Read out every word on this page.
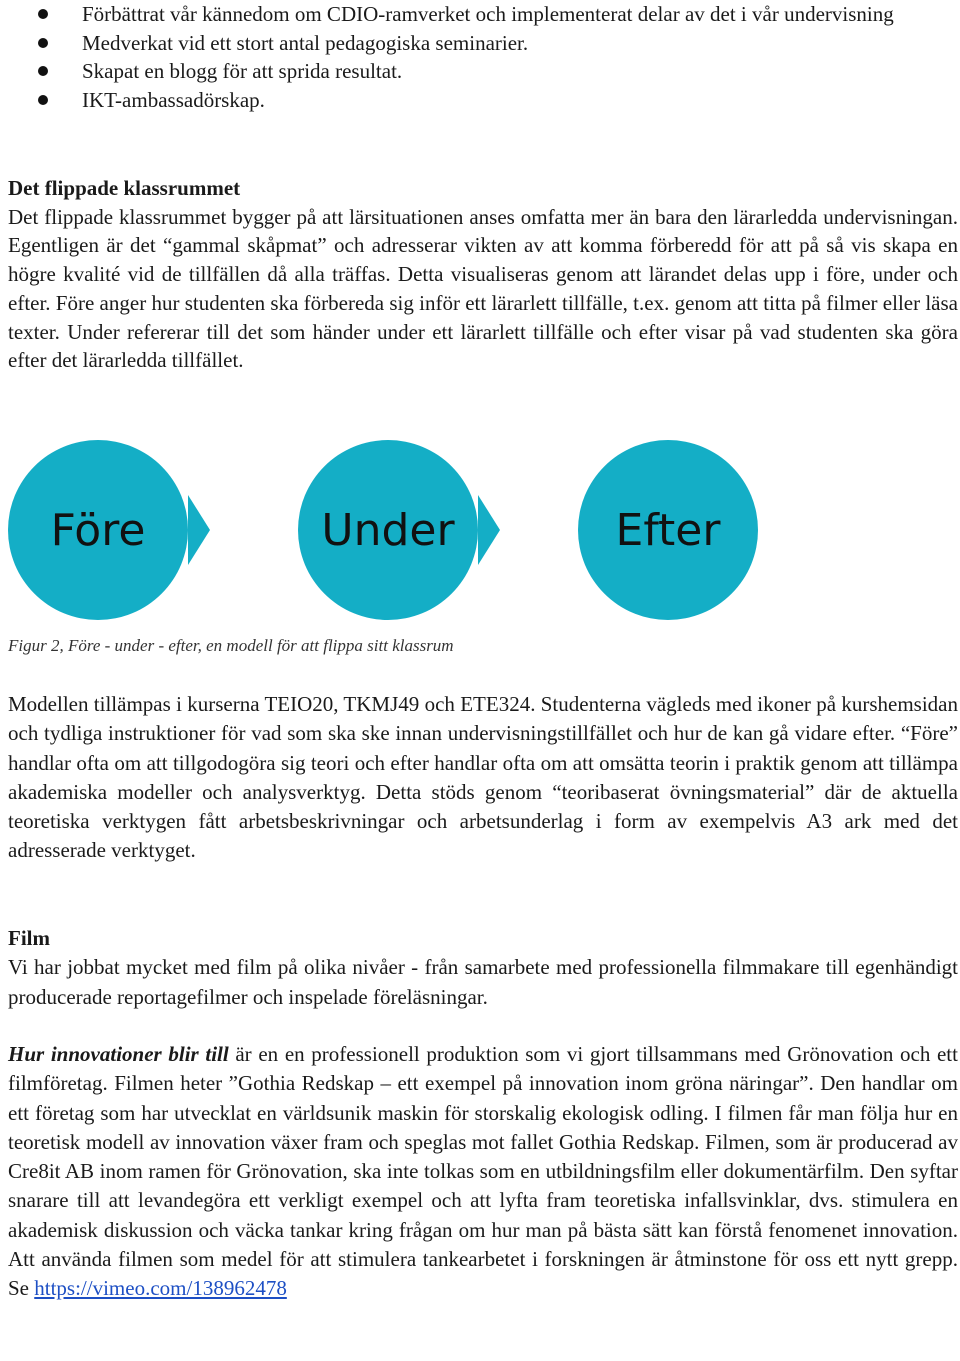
Förbättrat vår kännedom om CDIO-ramverket och implementerat delar av det i vår undervisning
Medverkat vid ett stort antal pedagogiska seminarier.
Skapat en blogg för att sprida resultat.
IKT-ambassadörskap.

Det flippade klassrummet

Det flippade klassrummet bygger på att lärsituationen anses omfatta mer än bara den lärarledda undervisningan. Egentligen är det “gammal skåpmat” och adresserar vikten av att komma förberedd för att på så vis skapa en högre kvalité vid de tillfällen då alla träffas. Detta visualiseras genom att lärandet delas upp i före, under och efter. Före anger hur studenten ska förbereda sig inför ett lärarlett tillfälle, t.ex. genom att titta på filmer eller läsa texter. Under refererar till det som händer under ett lärarlett tillfälle och efter visar på vad studenten ska göra efter det lärarledda tillfället.

Före	Under	Efter

Figur 2, Före - under - efter, en modell för att flippa sitt klassrum

Modellen tillämpas i kurserna TEIO20, TKMJ49 och ETE324. Studenterna vägleds med ikoner på kurshemsidan och tydliga instruktioner för vad som ska ske innan undervisningstillfället och hur de kan gå vidare efter. “Före” handlar ofta om att tillgodogöra sig teori och efter handlar ofta om att omsätta teorin i praktik genom att tillämpa akademiska modeller och analysverktyg. Detta stöds genom “teoribaserat övningsmaterial” där de aktuella teoretiska verktygen fått arbetsbeskrivningar och arbetsunderlag i form av exempelvis A3 ark med det adresserade verktyget.

Film

Vi har jobbat mycket med film på olika nivåer - från samarbete med professionella filmmakare till egenhändigt producerade reportagefilmer och inspelade föreläsningar.

Hur innovationer blir till är en en professionell produktion som vi gjort tillsammans med Grönovation och ett filmföretag. Filmen heter ”Gothia Redskap – ett exempel på innovation inom gröna näringar”. Den handlar om ett företag som har utvecklat en världsunik maskin för storskalig ekologisk odling. I filmen får man följa hur en teoretisk modell av innovation växer fram och speglas mot fallet Gothia Redskap. Filmen, som är producerad av Cre8it AB inom ramen för Grönovation, ska inte tolkas som en utbildningsfilm eller dokumentärfilm. Den syftar snarare till att levandegöra ett verkligt exempel och att lyfta fram teoretiska infallsvinklar, dvs. stimulera en akademisk diskussion och väcka tankar kring frågan om hur man på bästa sätt kan förstå fenomenet innovation. Att använda filmen som medel för att stimulera tankearbetet i forskningen är åtminstone för oss ett nytt grepp. Se https://vimeo.com/138962478
